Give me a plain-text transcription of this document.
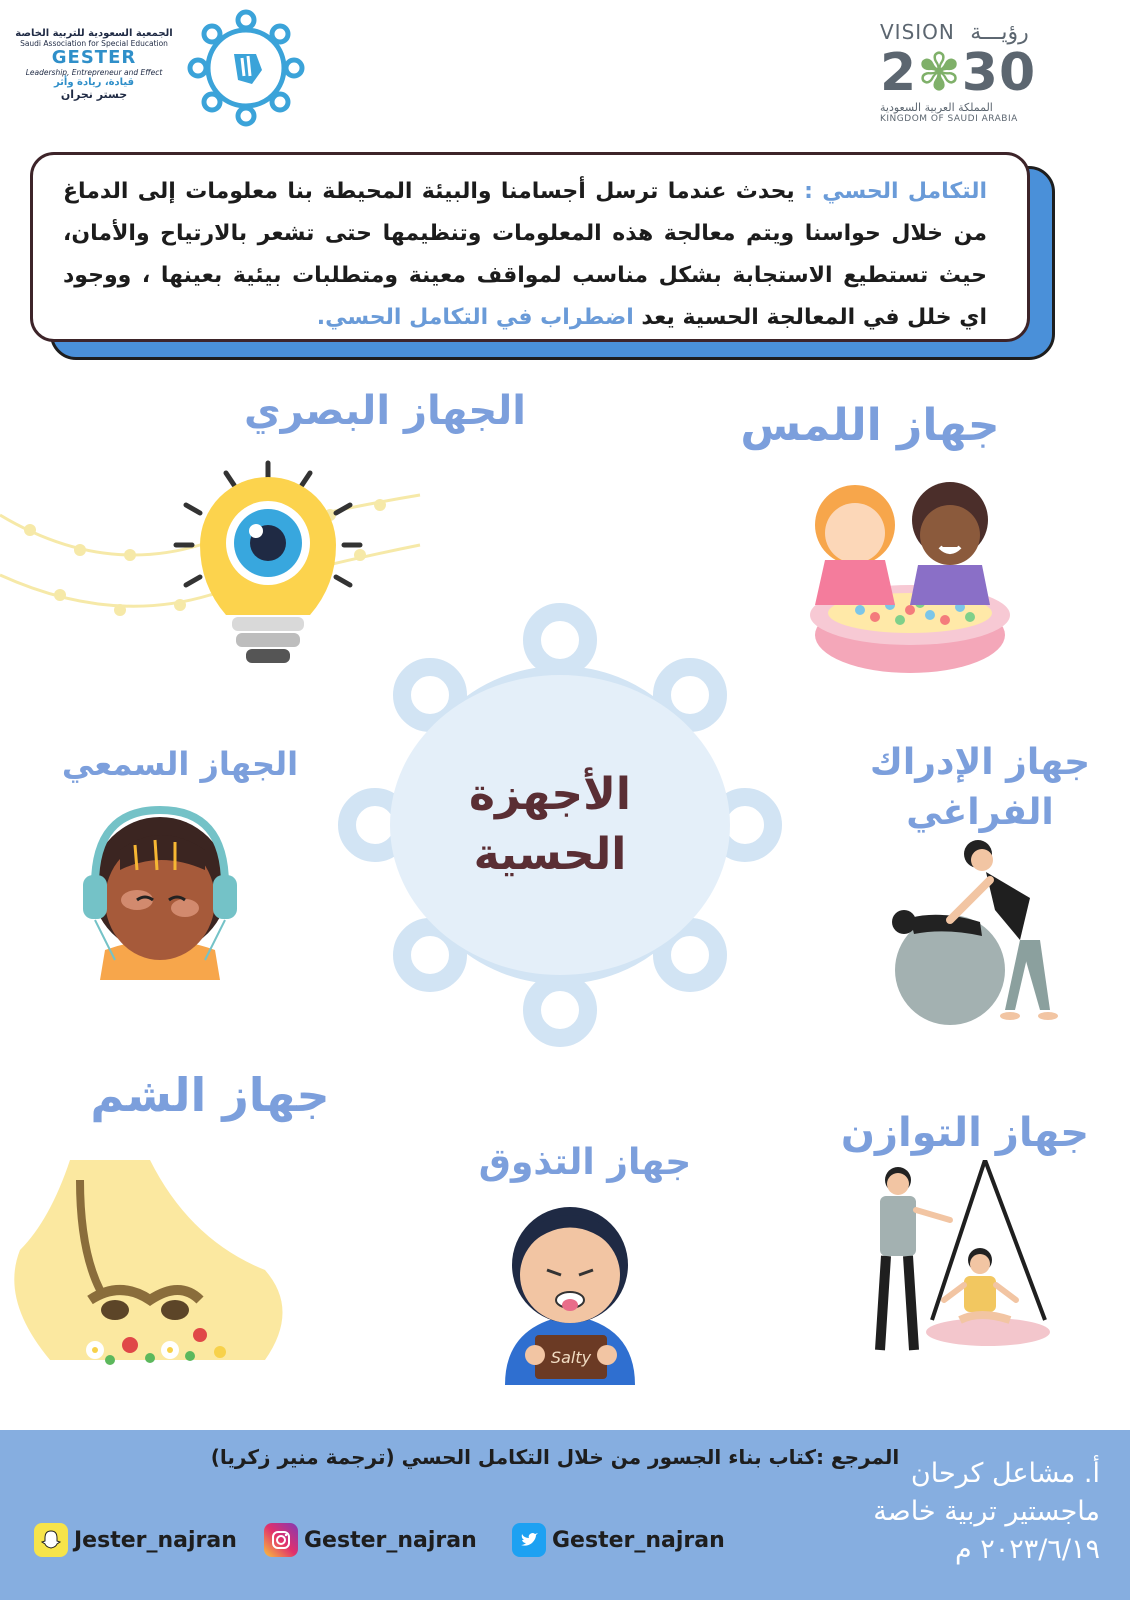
الجمعية السعودية للتربية الخاصة
Saudi Association for Special Education
GESTER
Leadership, Entrepreneur and Effect
قيادة، ريادة وأثر
جستر نجران
VISION رؤيـــة
2✾30
المملكة العربية السعودية
KINGDOM OF SAUDI ARABIA

التكامل الحسي : يحدث عندما ترسل أجسامنا والبيئة المحيطة بنا معلومات إلى الدماغ من خلال حواسنا ويتم معالجة هذه المعلومات وتنظيمها حتى تشعر بالارتياح والأمان، حيث تستطيع الاستجابة بشكل مناسب لمواقف معينة ومتطلبات بيئية بعينها ، ووجود اي خلل في المعالجة الحسية يعد اضطراب في التكامل الحسي.

الأجهزة
الحسية
الجهاز البصري	جهاز اللمس
الجهاز السمعي	جهاز الإدراك
الفراغي
جهاز الشم
جهاز التذوق
جهاز التوازن
Salty
المرجع :كتاب بناء الجسور من خلال التكامل الحسي (ترجمة منير زكريا)
Jester_najran	Gester_najran	Gester_najran
أ. مشاعل كرحان
ماجستير تربية خاصة
٢٠٢٣/٦/١٩ م
